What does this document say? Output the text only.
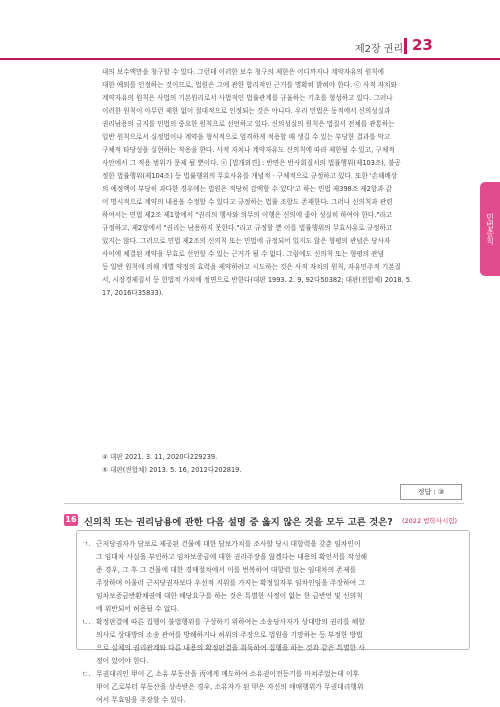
제2장 권리 23
민법총칙

내의 보수액만을 청구할 수 있다. 그런데 이러한 보수 청구의 제한은 어디까지나 계약자유의 원칙에
대한 예외를 인정하는 것이므로, 법원은 그에 관한 합리적인 근거를 명확히 밝혀야 한다. ⓒ 사적 자치와
계약자유의 원칙은 사법의 기본원리로서 사법적인 법률관계를 규율하는 기초를 형성하고 있다. 그러나
이러한 원칙이 아무런 제한 없이 절대적으로 인정되는 것은 아니다. 우리 민법은 동적에서 신의성실과
권리남용의 금지를 민법의 중요한 원칙으로 선언하고 있다. 신의성실의 원칙은 법질서 전체를 관통하는
일반 원칙으로서 실정법이나 계약을 형식적으로 엄격하게 적용할 때 생길 수 있는 부당한 결과를 막고
구체적 타당성을 실현하는 작용을 한다. 사적 자치나 계약자유도 신의칙에 따라 제한될 수 있고, 구체적
사안에서 그 적용 범위가 문제 될 뿐이다. ⓔ [법개외견] : 반면은 반사회질서의 법률행위(제103조), 불공
정한 법률행위(제104조) 등 법률행위의 무효사유를 개념적 · 구체적으로 규정하고 있다. 또한 '손해배상
의 예정액이 부당히 과다한 경우에는 법원은 적당히 감액할 수 있다'고 하는 민법 제398조 제2항과 같
이 명시적으로 계약의 내용을 수정할 수 있다고 규정하는 법률 조항도 존재한다. 그러나 신의칙과 관련
하여서는 민법 제2조 제1항에서 "권리의 행사와 의무의 이행은 신의에 좇아 성실히 하여야 한다."라고
규정하고, 제2항에서 "권리는 남용하지 못한다."라고 규정할 뿐 이를 법률행위의 무효사유로 규정하고
있지는 않다. 그러므로 민법 제2조의 신의칙 또는 민법에 규정되어 있지도 않은 형평의 관념은 당사자
사이에 체결된 계약을 무효로 선언할 수 있는 근거가 될 수 없다. 그럼에도 신의칙 또는 형평의 관념
등 일반 원칙에 의해 개별 약정의 효력을 제약하려고 시도하는 것은 사적 자치의 원칙, 자유민주적 기본질
서, 시장경제질서 등 헌법적 가치에 정면으로 반한다(대판 1993. 2. 9, 92다50382; 대판(전합체) 2018. 5.
17, 2016다35833).

④ 대판 2021. 3. 11, 2020다229239.
⑤ 대판(전합체) 2013. 5. 16, 2012다202819.
정답 : ③
16 신의칙 또는 권리남용에 관한 다음 설명 중 옳지 않은 것을 모두 고른 것은? (2022 법학사시험)
ㄱ. 근저당권자가 담보로 제공된 건물에 대한 담보가치를 조사할 당시 대항력을 갖춘 임차인이
그 임대차 사실을 부인하고 임차보증금에 대한 권리주장을 않겠다는 내용의 확인서를 작성해
준 경우, 그 후 그 건물에 대한 경매절차에서 이를 번복하여 대항력 있는 임대차의 존재를
주장하며 아울러 근저당권자보다 우선적 지위를 가지는 확정일자부 임차인임을 주장하여 그
임차보증금반환채권에 대한 배당요구를 하는 것은 특별한 사정이 없는 한 금반언 및 신의칙
에 위반되어 허용될 수 없다.
ㄴ. 확정판결에 따른 집행이 불법행위를 구성하기 위하여는 소송당사자가 상대방의 권리를 해할
의사로 상대방의 소송 관여를 방해하거나 허위의 주장으로 법원을 기망하는 등 부정한 방법
으로 실체의 권리관계와 다른 내용의 확정판결을 취득하여 집행을 하는 것과 같은 특별한 사
정이 있어야 한다.
ㄷ. 무권대리인 甲이 乙 소유 부동산을 丙에게 매도하여 소유권이전등기를 마쳐주었는데 이후
甲이 乙로부터 부동산을 상속받은 경우, 소유자가 된 甲은 자신의 매매행위가 무권대리행위
여서 무효임을 주장할 수 있다.
